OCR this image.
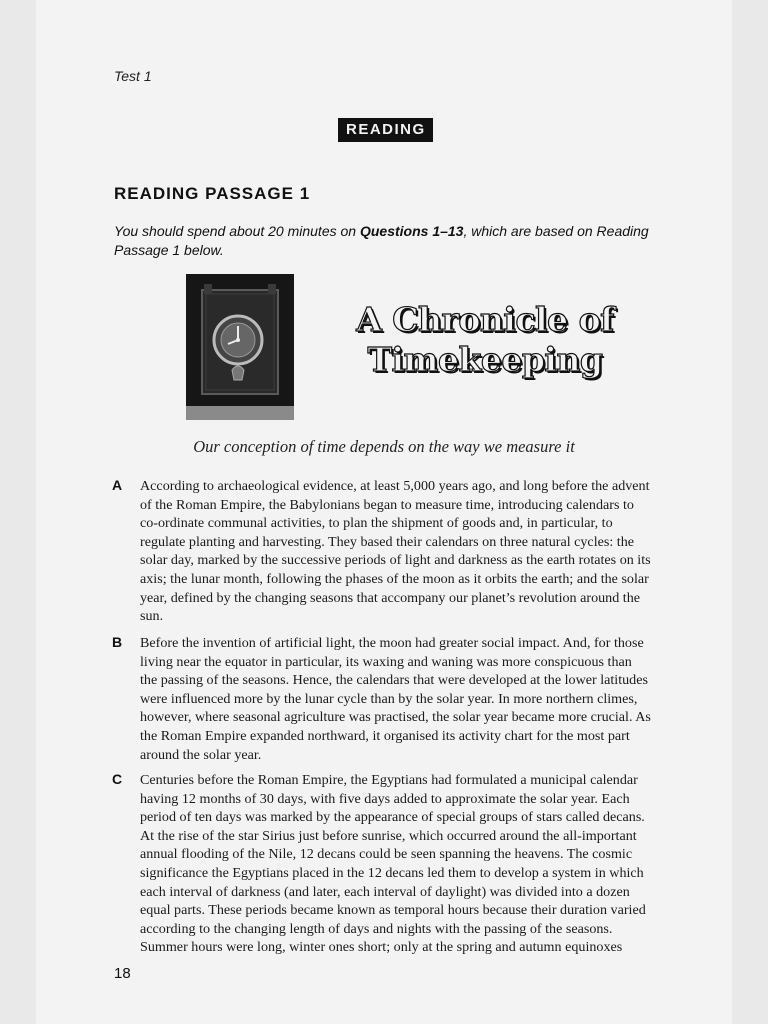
Test 1
READING
READING PASSAGE 1
You should spend about 20 minutes on Questions 1–13, which are based on Reading Passage 1 below.
A Chronicle of
Timekeeping
Our conception of time depends on the way we measure it
A According to archaeological evidence, at least 5,000 years ago, and long before the advent of the Roman Empire, the Babylonians began to measure time, introducing calendars to co-ordinate communal activities, to plan the shipment of goods and, in particular, to regulate planting and harvesting. They based their calendars on three natural cycles: the solar day, marked by the successive periods of light and darkness as the earth rotates on its axis; the lunar month, following the phases of the moon as it orbits the earth; and the solar year, defined by the changing seasons that accompany our planet’s revolution around the sun.
B Before the invention of artificial light, the moon had greater social impact. And, for those living near the equator in particular, its waxing and waning was more conspicuous than the passing of the seasons. Hence, the calendars that were developed at the lower latitudes were influenced more by the lunar cycle than by the solar year. In more northern climes, however, where seasonal agriculture was practised, the solar year became more crucial. As the Roman Empire expanded northward, it organised its activity chart for the most part around the solar year.
C Centuries before the Roman Empire, the Egyptians had formulated a municipal calendar having 12 months of 30 days, with five days added to approximate the solar year. Each period of ten days was marked by the appearance of special groups of stars called decans. At the rise of the star Sirius just before sunrise, which occurred around the all-important annual flooding of the Nile, 12 decans could be seen spanning the heavens. The cosmic significance the Egyptians placed in the 12 decans led them to develop a system in which each interval of darkness (and later, each interval of daylight) was divided into a dozen equal parts. These periods became known as temporal hours because their duration varied according to the changing length of days and nights with the passing of the seasons. Summer hours were long, winter ones short; only at the spring and autumn equinoxes
18
